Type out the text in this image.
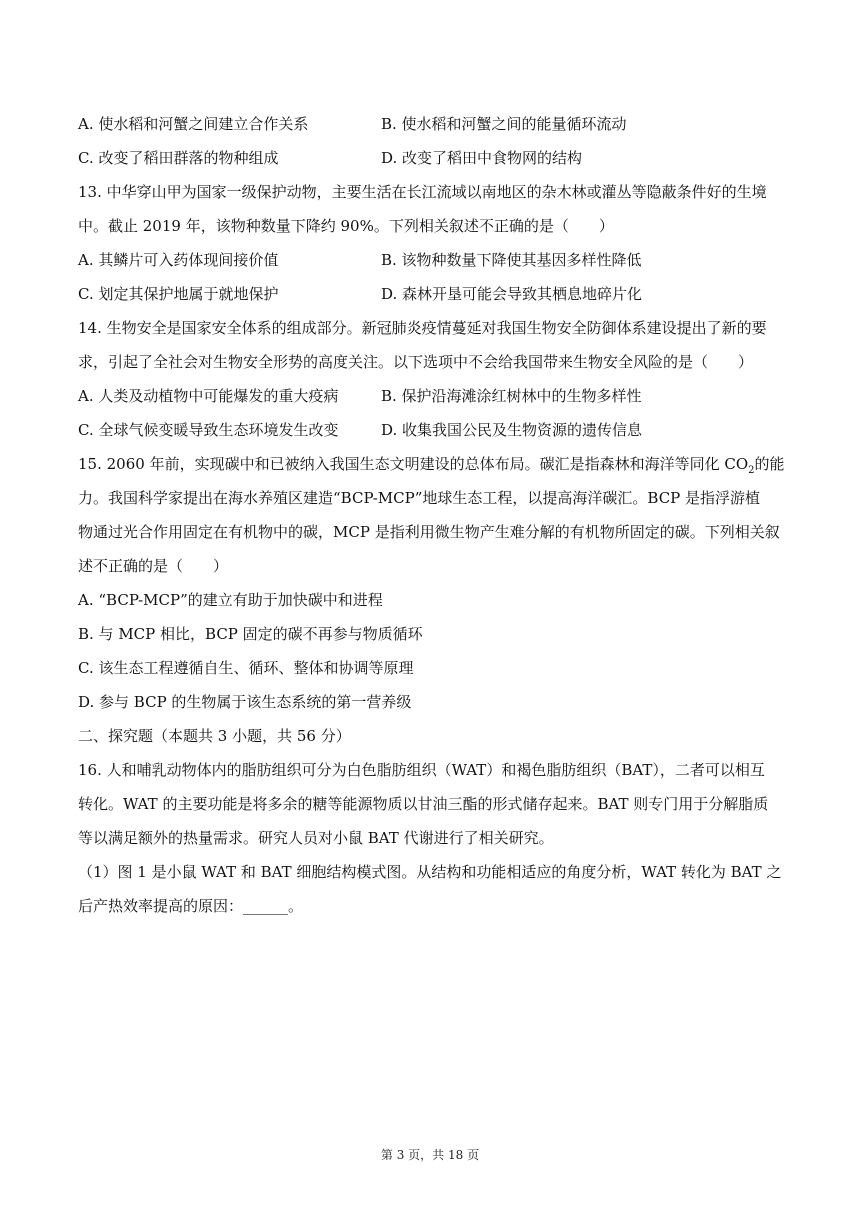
A. 使水稻和河蟹之间建立合作关系	B. 使水稻和河蟹之间的能量循环流动
C. 改变了稻田群落的物种组成	D. 改变了稻田中食物网的结构
13. 中华穿山甲为国家一级保护动物，主要生活在长江流域以南地区的杂木林或灌丛等隐蔽条件好的生境
中。截止 2019 年，该物种数量下降约 90%。下列相关叙述不正确的是（　　）
A. 其鳞片可入药体现间接价值	B. 该物种数量下降使其基因多样性降低
C. 划定其保护地属于就地保护	D. 森林开垦可能会导致其栖息地碎片化
14. 生物安全是国家安全体系的组成部分。新冠肺炎疫情蔓延对我国生物安全防御体系建设提出了新的要
求，引起了全社会对生物安全形势的高度关注。以下选项中不会给我国带来生物安全风险的是（　　）
A. 人类及动植物中可能爆发的重大疫病	B. 保护沿海滩涂红树林中的生物多样性
C. 全球气候变暖导致生态环境发生改变	D. 收集我国公民及生物资源的遗传信息
15. 2060 年前，实现碳中和已被纳入我国生态文明建设的总体布局。碳汇是指森林和海洋等同化 $CO_2$的能
力。我国科学家提出在海水养殖区建造“BCP-MCP”地球生态工程，以提高海洋碳汇。BCP 是指浮游植
物通过光合作用固定在有机物中的碳，MCP 是指利用微生物产生难分解的有机物所固定的碳。下列相关叙
述不正确的是（　　）
A. “BCP-MCP”的建立有助于加快碳中和进程
B. 与 MCP 相比，BCP 固定的碳不再参与物质循环
C. 该生态工程遵循自生、循环、整体和协调等原理
D. 参与 BCP 的生物属于该生态系统的第一营养级
二、探究题（本题共 3 小题，共 56 分）
16. 人和哺乳动物体内的脂肪组织可分为白色脂肪组织（WAT）和褐色脂肪组织（BAT），二者可以相互
转化。WAT 的主要功能是将多余的糖等能源物质以甘油三酯的形式储存起来。BAT 则专门用于分解脂质
等以满足额外的热量需求。研究人员对小鼠 BAT 代谢进行了相关研究。
（1）图 1 是小鼠 WAT 和 BAT 细胞结构模式图。从结构和功能相适应的角度分析，WAT 转化为 BAT 之
后产热效率提高的原因：______。
第 3 页，共 18 页
